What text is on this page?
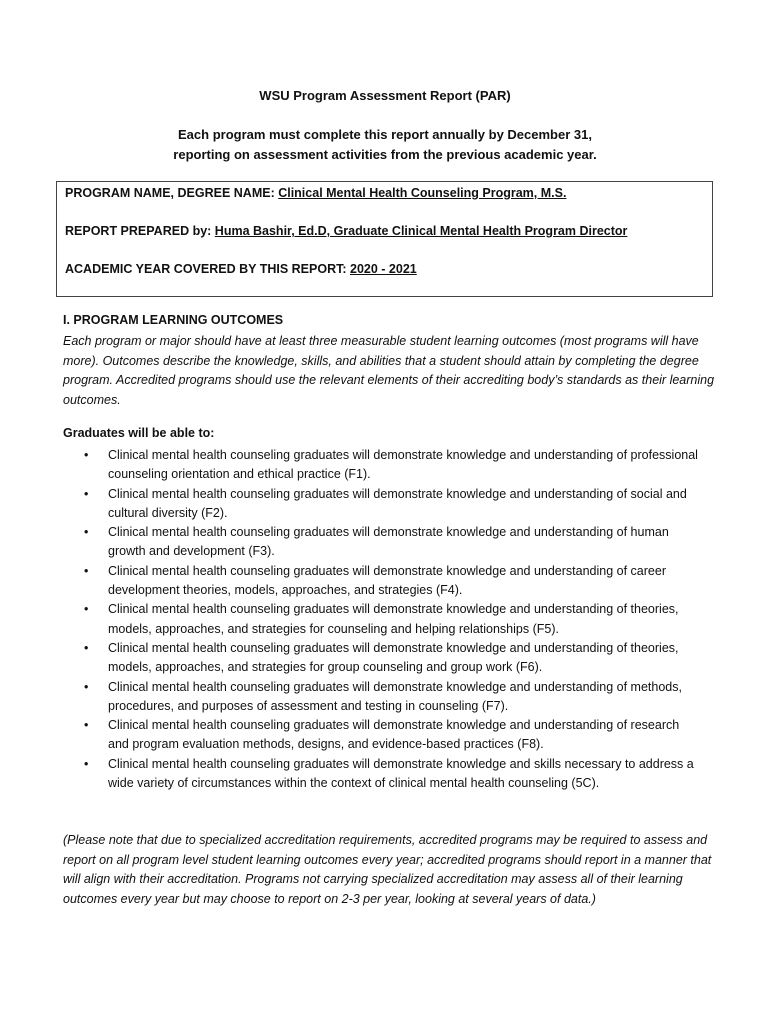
WSU Program Assessment Report (PAR)
Each program must complete this report annually by December 31,
reporting on assessment activities from the previous academic year.
PROGRAM NAME, DEGREE NAME: Clinical Mental Health Counseling Program, M.S.
REPORT PREPARED by: Huma Bashir, Ed.D, Graduate Clinical Mental Health Program Director
ACADEMIC YEAR COVERED BY THIS REPORT: 2020 - 2021
I. PROGRAM LEARNING OUTCOMES
Each program or major should have at least three measurable student learning outcomes (most programs will have more). Outcomes describe the knowledge, skills, and abilities that a student should attain by completing the degree program. Accredited programs should use the relevant elements of their accrediting body’s standards as their learning outcomes.
Graduates will be able to:
• Clinical mental health counseling graduates will demonstrate knowledge and understanding of professional counseling orientation and ethical practice (F1).
• Clinical mental health counseling graduates will demonstrate knowledge and understanding of social and cultural diversity (F2).
• Clinical mental health counseling graduates will demonstrate knowledge and understanding of human growth and development (F3).
• Clinical mental health counseling graduates will demonstrate knowledge and understanding of career development theories, models, approaches, and strategies (F4).
• Clinical mental health counseling graduates will demonstrate knowledge and understanding of theories, models, approaches, and strategies for counseling and helping relationships (F5).
• Clinical mental health counseling graduates will demonstrate knowledge and understanding of theories, models, approaches, and strategies for group counseling and group work (F6).
• Clinical mental health counseling graduates will demonstrate knowledge and understanding of methods, procedures, and purposes of assessment and testing in counseling (F7).
• Clinical mental health counseling graduates will demonstrate knowledge and understanding of research and program evaluation methods, designs, and evidence-based practices (F8).
• Clinical mental health counseling graduates will demonstrate knowledge and skills necessary to address a wide variety of circumstances within the context of clinical mental health counseling (5C).
(Please note that due to specialized accreditation requirements, accredited programs may be required to assess and report on all program level student learning outcomes every year; accredited programs should report in a manner that will align with their accreditation. Programs not carrying specialized accreditation may assess all of their learning outcomes every year but may choose to report on 2-3 per year, looking at several years of data.)
